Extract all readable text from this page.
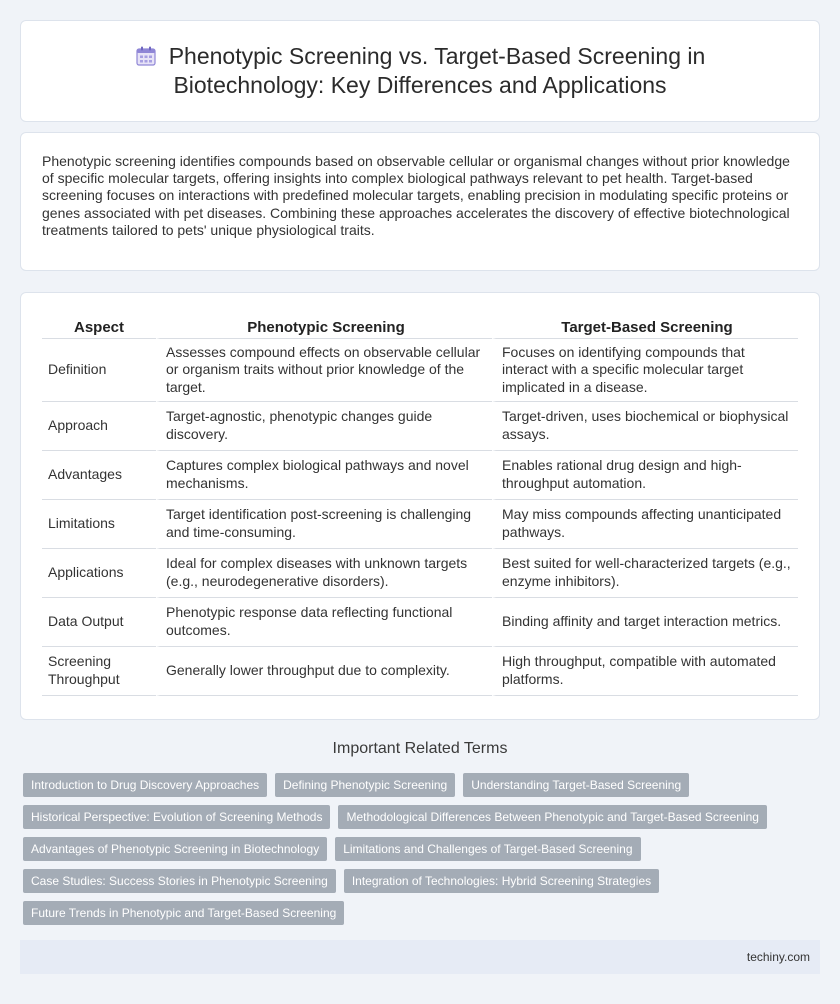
Phenotypic Screening vs. Target-Based Screening in Biotechnology: Key Differences and Applications

Phenotypic screening identifies compounds based on observable cellular or organismal changes without prior knowledge of specific molecular targets, offering insights into complex biological pathways relevant to pet health. Target-based screening focuses on interactions with predefined molecular targets, enabling precision in modulating specific proteins or genes associated with pet diseases. Combining these approaches accelerates the discovery of effective biotechnological treatments tailored to pets' unique physiological traits.

Aspect	Phenotypic Screening	Target-Based Screening
Definition	Assesses compound effects on observable cellular or organism traits without prior knowledge of the target.	Focuses on identifying compounds that interact with a specific molecular target implicated in a disease.
Approach	Target-agnostic, phenotypic changes guide discovery.	Target-driven, uses biochemical or biophysical assays.
Advantages	Captures complex biological pathways and novel mechanisms.	Enables rational drug design and high-throughput automation.
Limitations	Target identification post-screening is challenging and time-consuming.	May miss compounds affecting unanticipated pathways.
Applications	Ideal for complex diseases with unknown targets (e.g., neurodegenerative disorders).	Best suited for well-characterized targets (e.g., enzyme inhibitors).
Data Output	Phenotypic response data reflecting functional outcomes.	Binding affinity and target interaction metrics.
Screening Throughput	Generally lower throughput due to complexity.	High throughput, compatible with automated platforms.
Important Related Terms
Introduction to Drug Discovery Approaches	Defining Phenotypic Screening	Understanding Target-Based Screening
Historical Perspective: Evolution of Screening Methods	Methodological Differences Between Phenotypic and Target-Based Screening
Advantages of Phenotypic Screening in Biotechnology	Limitations and Challenges of Target-Based Screening
Case Studies: Success Stories in Phenotypic Screening	Integration of Technologies: Hybrid Screening Strategies
Future Trends in Phenotypic and Target-Based Screening
techiny.com
